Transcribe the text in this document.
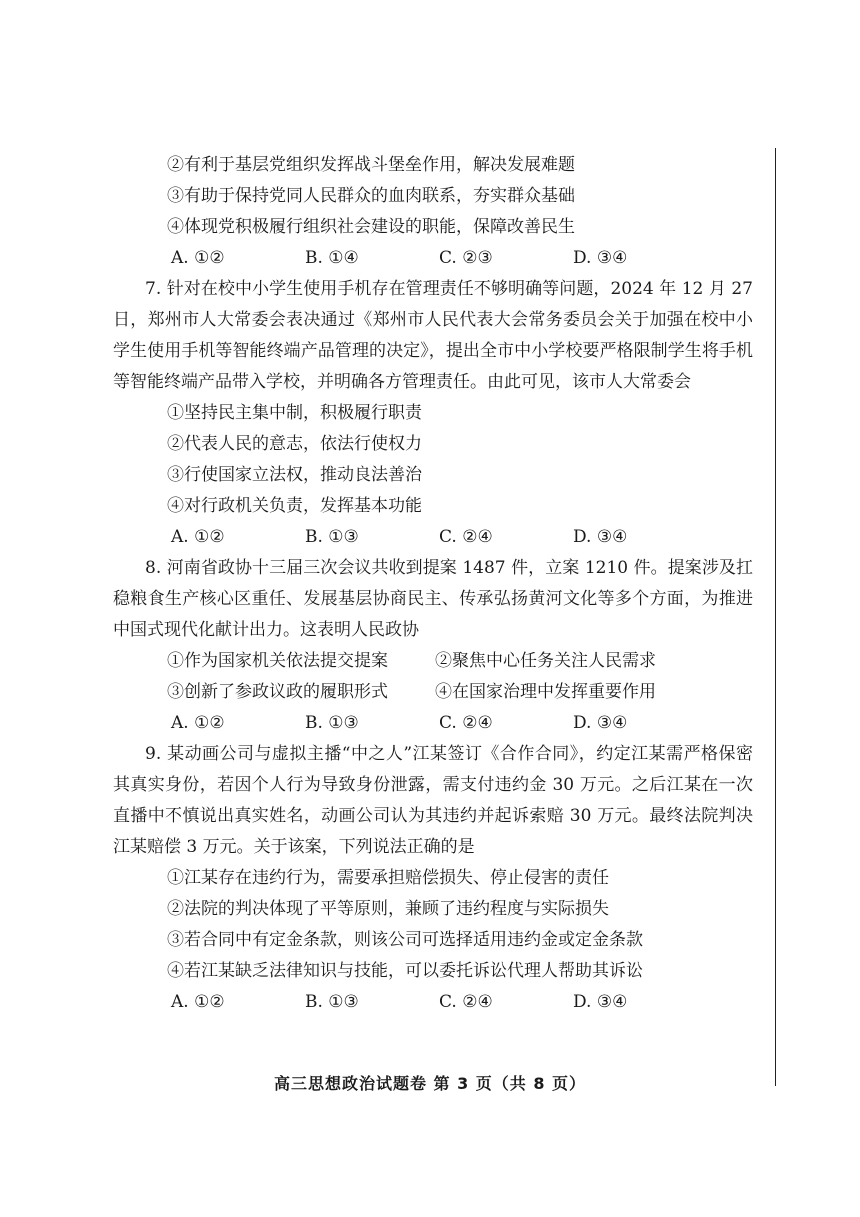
②有利于基层党组织发挥战斗堡垒作用，解决发展难题
③有助于保持党同人民群众的血肉联系，夯实群众基础
④体现党积极履行组织社会建设的职能，保障改善民生
A. ①②	B. ①④	C. ②③	D. ③④
7. 针对在校中小学生使用手机存在管理责任不够明确等问题，2024 年 12 月 27 日，郑州市人大常委会表决通过《郑州市人民代表大会常务委员会关于加强在校中小学生使用手机等智能终端产品管理的决定》，提出全市中小学校要严格限制学生将手机等智能终端产品带入学校，并明确各方管理责任。由此可见，该市人大常委会
①坚持民主集中制，积极履行职责
②代表人民的意志，依法行使权力
③行使国家立法权，推动良法善治
④对行政机关负责，发挥基本功能
A. ①②	B. ①③	C. ②④	D. ③④
8. 河南省政协十三届三次会议共收到提案 1487 件，立案 1210 件。提案涉及扛稳粮食生产核心区重任、发展基层协商民主、传承弘扬黄河文化等多个方面，为推进中国式现代化献计出力。这表明人民政协
①作为国家机关依法提交提案	②聚焦中心任务关注人民需求
③创新了参政议政的履职形式	④在国家治理中发挥重要作用
A. ①②	B. ①③	C. ②④	D. ③④
9. 某动画公司与虚拟主播“中之人”江某签订《合作合同》，约定江某需严格保密其真实身份，若因个人行为导致身份泄露，需支付违约金 30 万元。之后江某在一次直播中不慎说出真实姓名，动画公司认为其违约并起诉索赔 30 万元。最终法院判决江某赔偿 3 万元。关于该案，下列说法正确的是
①江某存在违约行为，需要承担赔偿损失、停止侵害的责任
②法院的判决体现了平等原则，兼顾了违约程度与实际损失
③若合同中有定金条款，则该公司可选择适用违约金或定金条款
④若江某缺乏法律知识与技能，可以委托诉讼代理人帮助其诉讼
A. ①②	B. ①③	C. ②④	D. ③④
高三思想政治试题卷 第 3 页（共 8 页）
